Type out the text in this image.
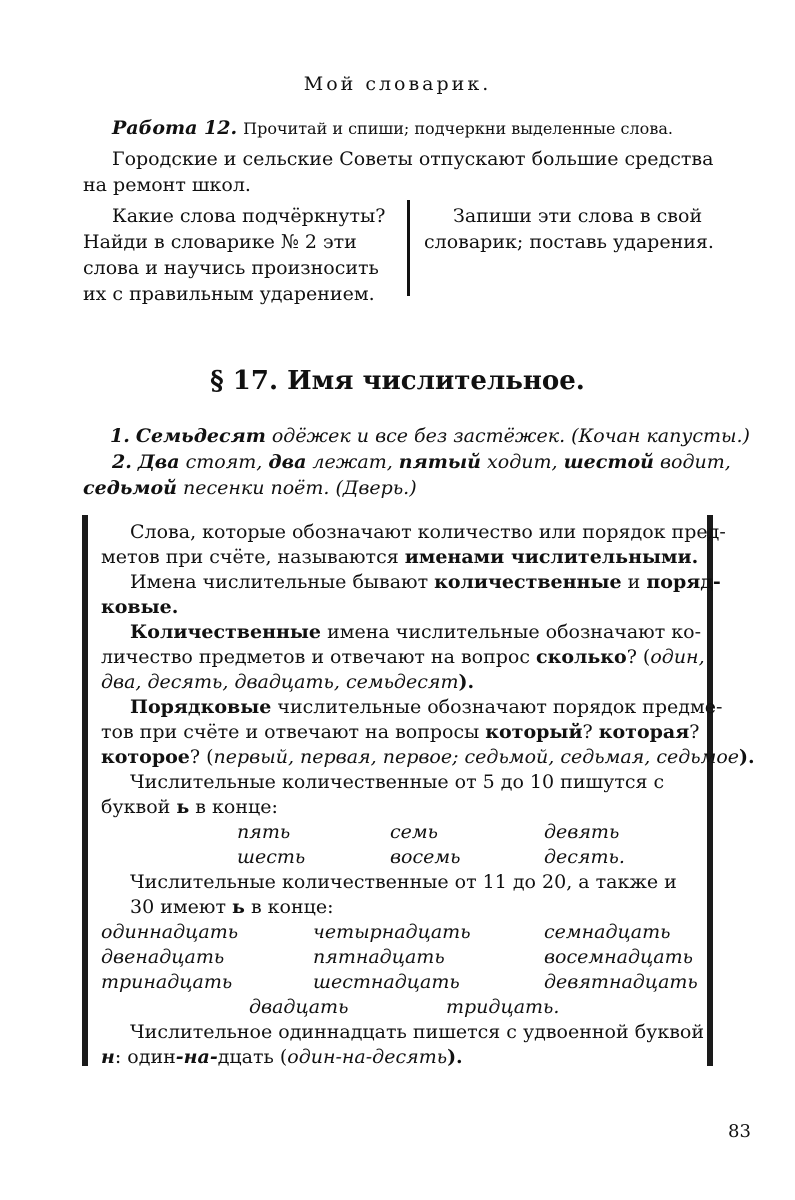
Мой словарик.
Работа 12. Прочитай и спиши; подчеркни выделенные слова.
Городские и сельские Советы отпускают большие средства
на ремонт школ.
Какие слова подчёркнуты?
Найди в словарике № 2 эти
слова и научись произносить
их с правильным ударением.
Запиши эти слова в свой
словарик; поставь ударения.
§ 17. Имя числительное.
1. Семьдесят одёжек и все без застёжек. (Кочан капусты.)
2. Два стоят, два лежат, пятый ходит, шестой водит,
седьмой песенки поёт. (Дверь.)
Слова, которые обозначают количество или порядок пред-
метов при счёте, называются именами числительными.
Имена числительные бывают количественные и поряд-
ковые.
Количественные имена числительные обозначают ко-
личество предметов и отвечают на вопрос сколько? (один,
два, десять, двадцать, семьдесят).
Порядковые числительные обозначают порядок предме-
тов при счёте и отвечают на вопросы который? которая?
которое? (первый, первая, первое; седьмой, седьмая, седьмое).
Числительные количественные от 5 до 10 пишутся с
буквой ь в конце:
пять	семь	девять
шесть	восемь	десять.
Числительные количественные от 11 до 20, а также и
30 имеют ь в конце:
одиннадцать	четырнадцать	семнадцать
двенадцать	пятнадцать	восемнадцать
тринадцать	шестнадцать	девятнадцать
двадцать	тридцать.
Числительное одиннадцать пишется с удвоенной буквой
н: один-на-дцать (один-на-десять).
83
